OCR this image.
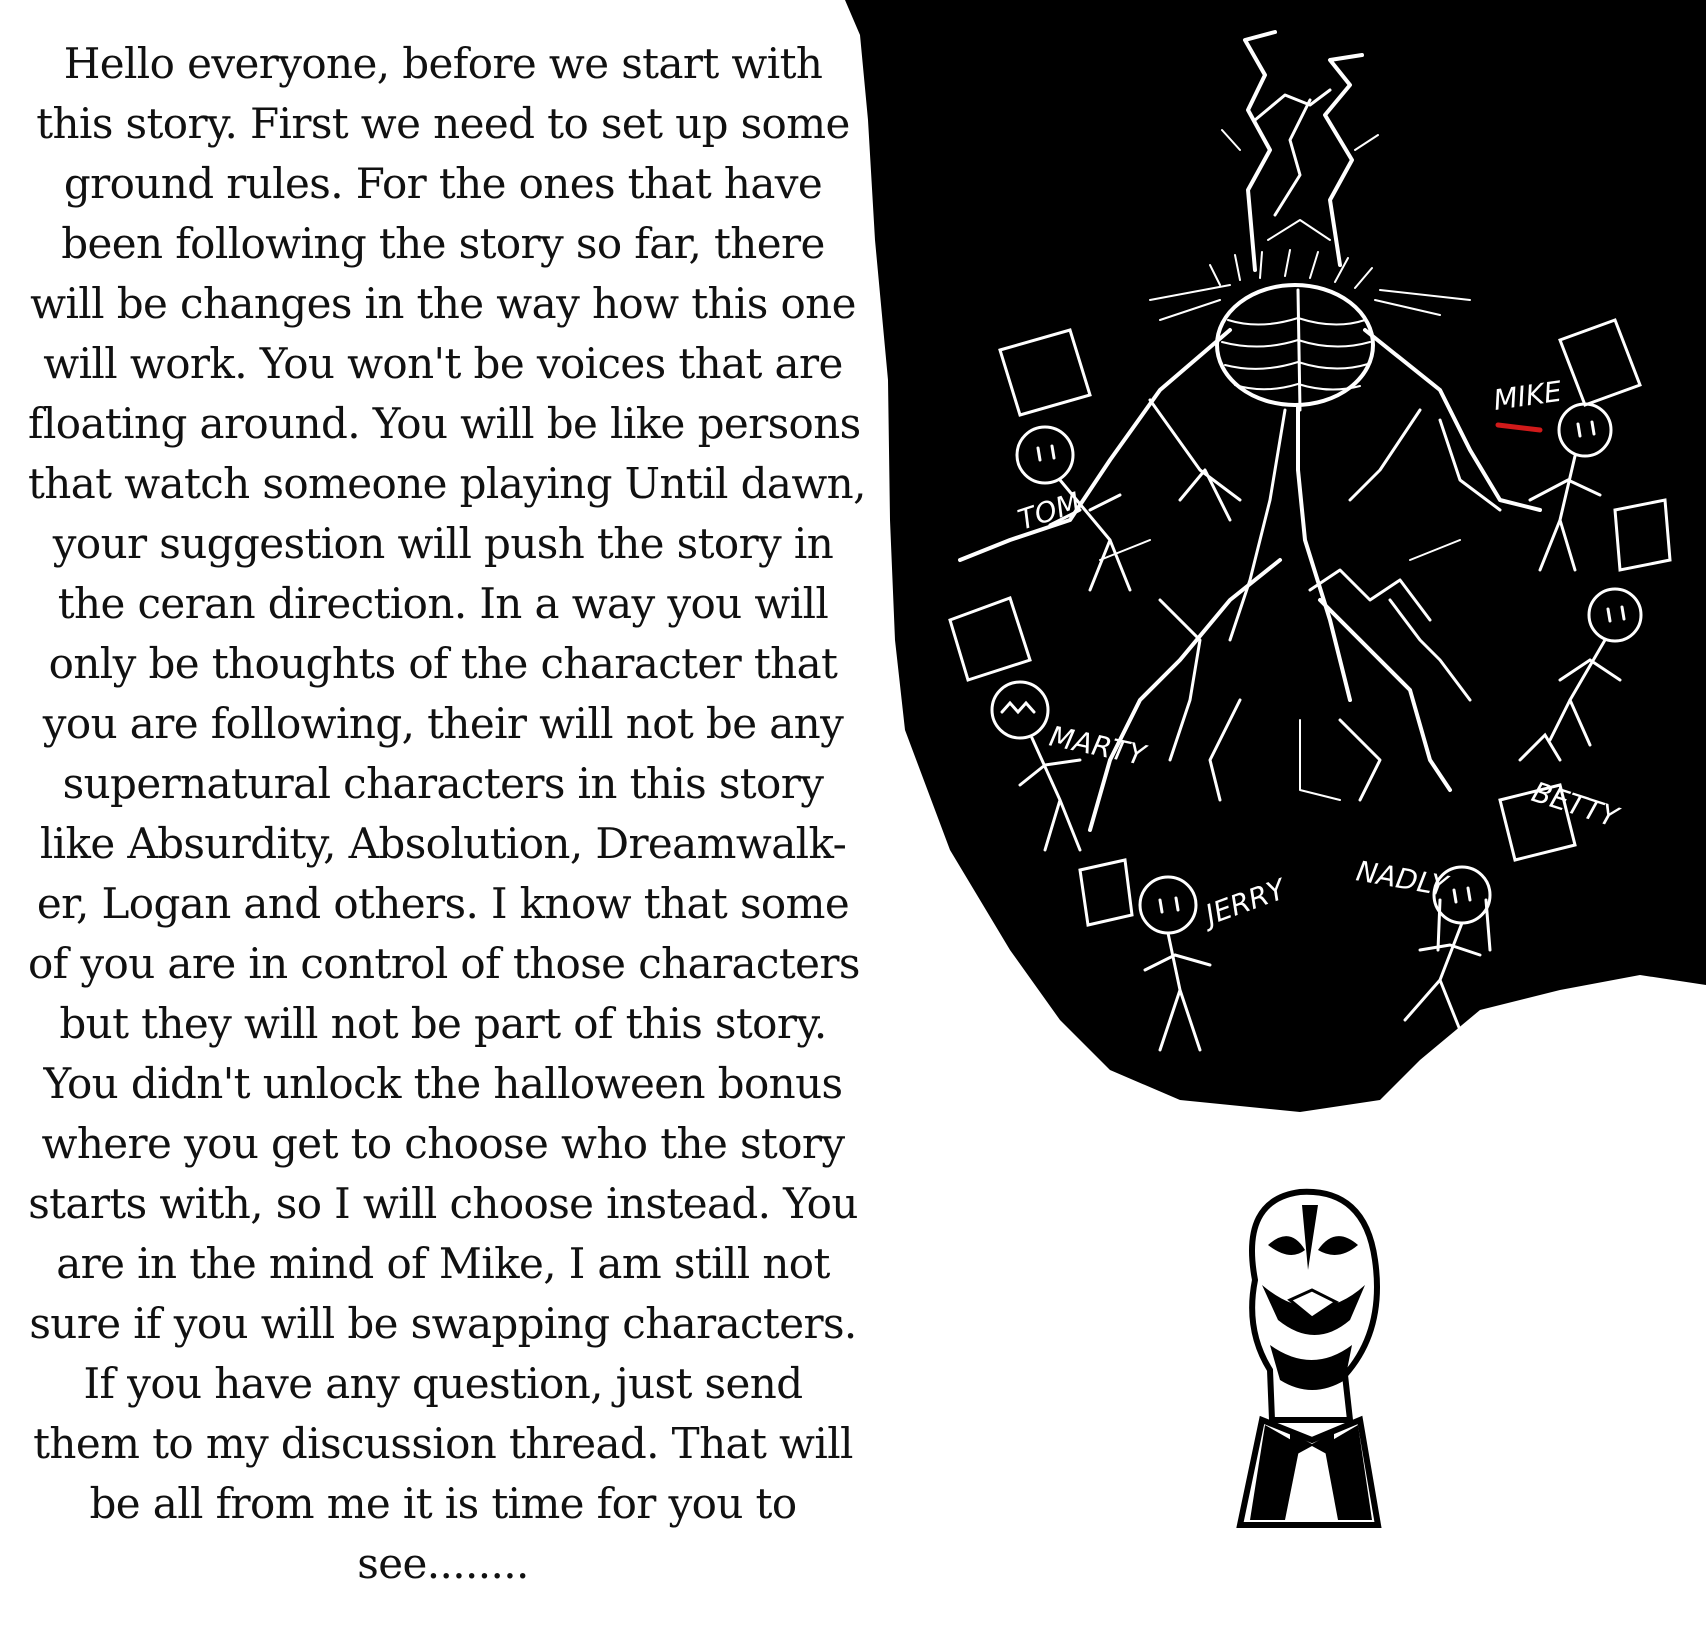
Hello everyone, before we start with
this story. First we need to set up some
ground rules. For the ones that have
been following the story so far, there
will be changes in the way how this one
will work. You won't be voices that are
floating around. You will be like persons
that watch someone playing Until dawn,
your suggestion will push the story in
the ceran direction. In a way you will
only be thoughts of the character that
you are following, their will not be any
supernatural characters in this story
like Absurdity, Absolution, Dreamwalk-
er, Logan and others. I know that some
of you are in control of those characters
but they will not be part of this story.
You didn't unlock the halloween bonus
where you get to choose who the story
starts with, so I will choose instead. You
are in the mind of Mike, I am still not
sure if you will be swapping characters.
If you have any question, just send
them to my discussion thread. That will
be all from me it is time for you to
see........
TOM
MIKE
MARTY
BETTY
JERRY NADLY
